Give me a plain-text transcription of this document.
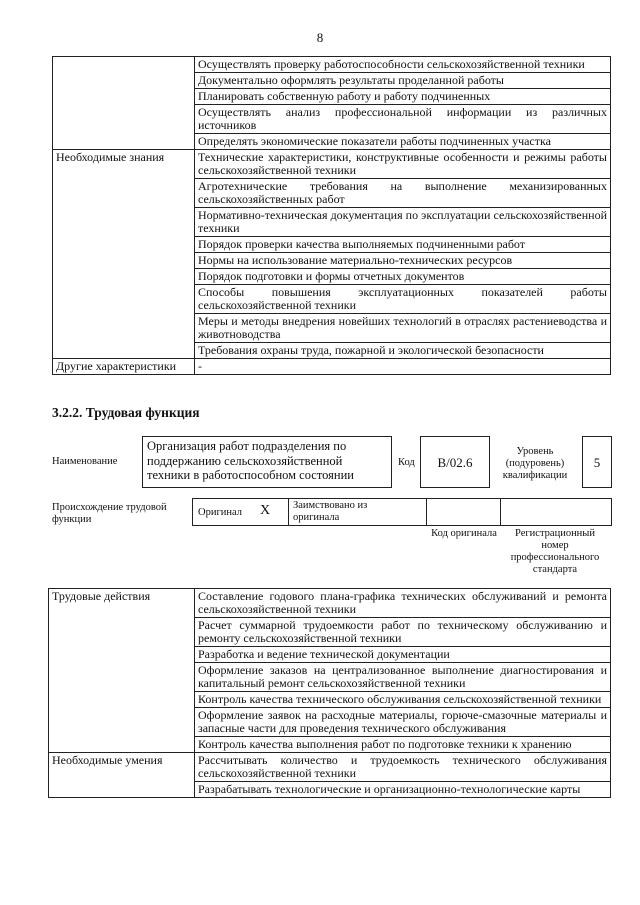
8
	Осуществлять проверку работоспособности сельскохозяйственной техники
	Документально оформлять результаты проделанной работы
	Планировать собственную работу и работу подчиненных
	Осуществлять анализ профессиональной информации из различных источников
	Определять экономические показатели работы подчиненных участка
Необходимые знания	Технические характеристики, конструктивные особенности и режимы работы сельскохозяйственной техники
	Агротехнические требования на выполнение механизированных сельскохозяйственных работ
	Нормативно-техническая документация по эксплуатации сельскохозяйственной техники
	Порядок проверки качества выполняемых подчиненными работ
	Нормы на использование материально-технических ресурсов
	Порядок подготовки и формы отчетных документов
	Способы повышения эксплуатационных показателей работы сельскохозяйственной техники
	Меры и методы внедрения новейших технологий в отраслях растениеводства и животноводства
	Требования охраны труда, пожарной и экологической безопасности
Другие характеристики	-
3.2.2. Трудовая функция
Наименование
Организация работ подразделения по поддержанию сельскохозяйственной техники в работоспособном состоянии
Код	B/02.6
Уровень (подуровень) квалификации
5
Происхождение трудовой функции
Оригинал X Заимствовано из оригинала
Код оригинала	Регистрационный номер профессионального стандарта
Трудовые действия	Составление годового плана-графика технических обслуживаний и ремонта сельскохозяйственной техники
	Расчет суммарной трудоемкости работ по техническому обслуживанию и ремонту сельскохозяйственной техники
	Разработка и ведение технической документации
	Оформление заказов на централизованное выполнение диагностирования и капитальный ремонт сельскохозяйственной техники
	Контроль качества технического обслуживания сельскохозяйственной техники
	Оформление заявок на расходные материалы, горюче-смазочные материалы и запасные части для проведения технического обслуживания
	Контроль качества выполнения работ по подготовке техники к хранению
Необходимые умения	Рассчитывать количество и трудоемкость технического обслуживания сельскохозяйственной техники
	Разрабатывать технологические и организационно-технологические карты
